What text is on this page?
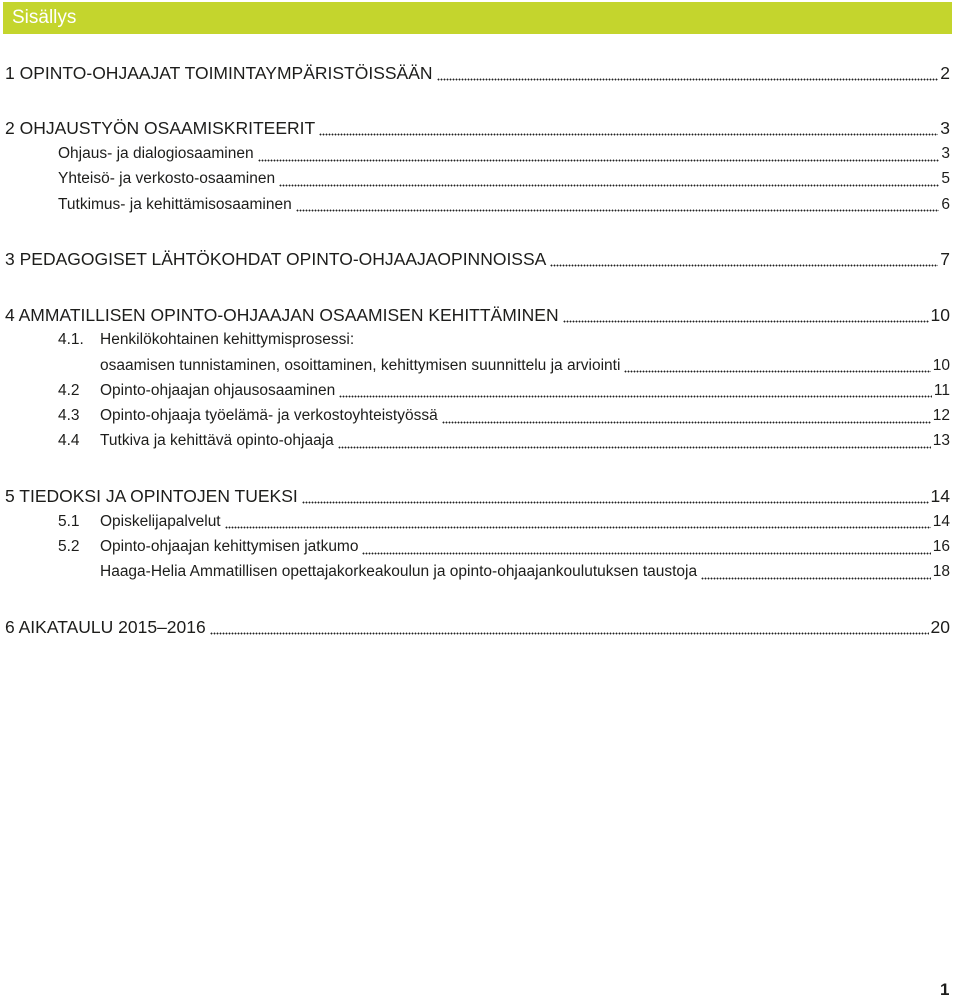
Sisällys
1 OPINTO-OHJAAJAT TOIMINTAYMPÄRISTÖISSÄÄN	2
2 OHJAUSTYÖN OSAAMISKRITEERIT	3
Ohjaus- ja dialogiosaaminen	3
Yhteisö- ja verkosto-osaaminen	5
Tutkimus- ja kehittämisosaaminen	6
3 PEDAGOGISET LÄHTÖKOHDAT OPINTO-OHJAAJAOPINNOISSA	7
4 AMMATILLISEN OPINTO-OHJAAJAN OSAAMISEN KEHITTÄMINEN	10
4.1.	Henkilökohtainen kehittymisprosessi:
osaamisen tunnistaminen, osoittaminen, kehittymisen suunnittelu ja arviointi	10
4.2	Opinto-ohjaajan ohjausosaaminen	11
4.3	Opinto-ohjaaja työelämä- ja verkostoyhteistyössä	12
4.4	Tutkiva ja kehittävä opinto-ohjaaja	13
5 TIEDOKSI JA OPINTOJEN TUEKSI	14
5.1	Opiskelijapalvelut	14
5.2	Opinto-ohjaajan kehittymisen jatkumo	16
Haaga-Helia Ammatillisen opettajakorkeakoulun ja opinto-ohjaajankoulutuksen taustoja	18
6 AIKATAULU 2015–2016	20
1
